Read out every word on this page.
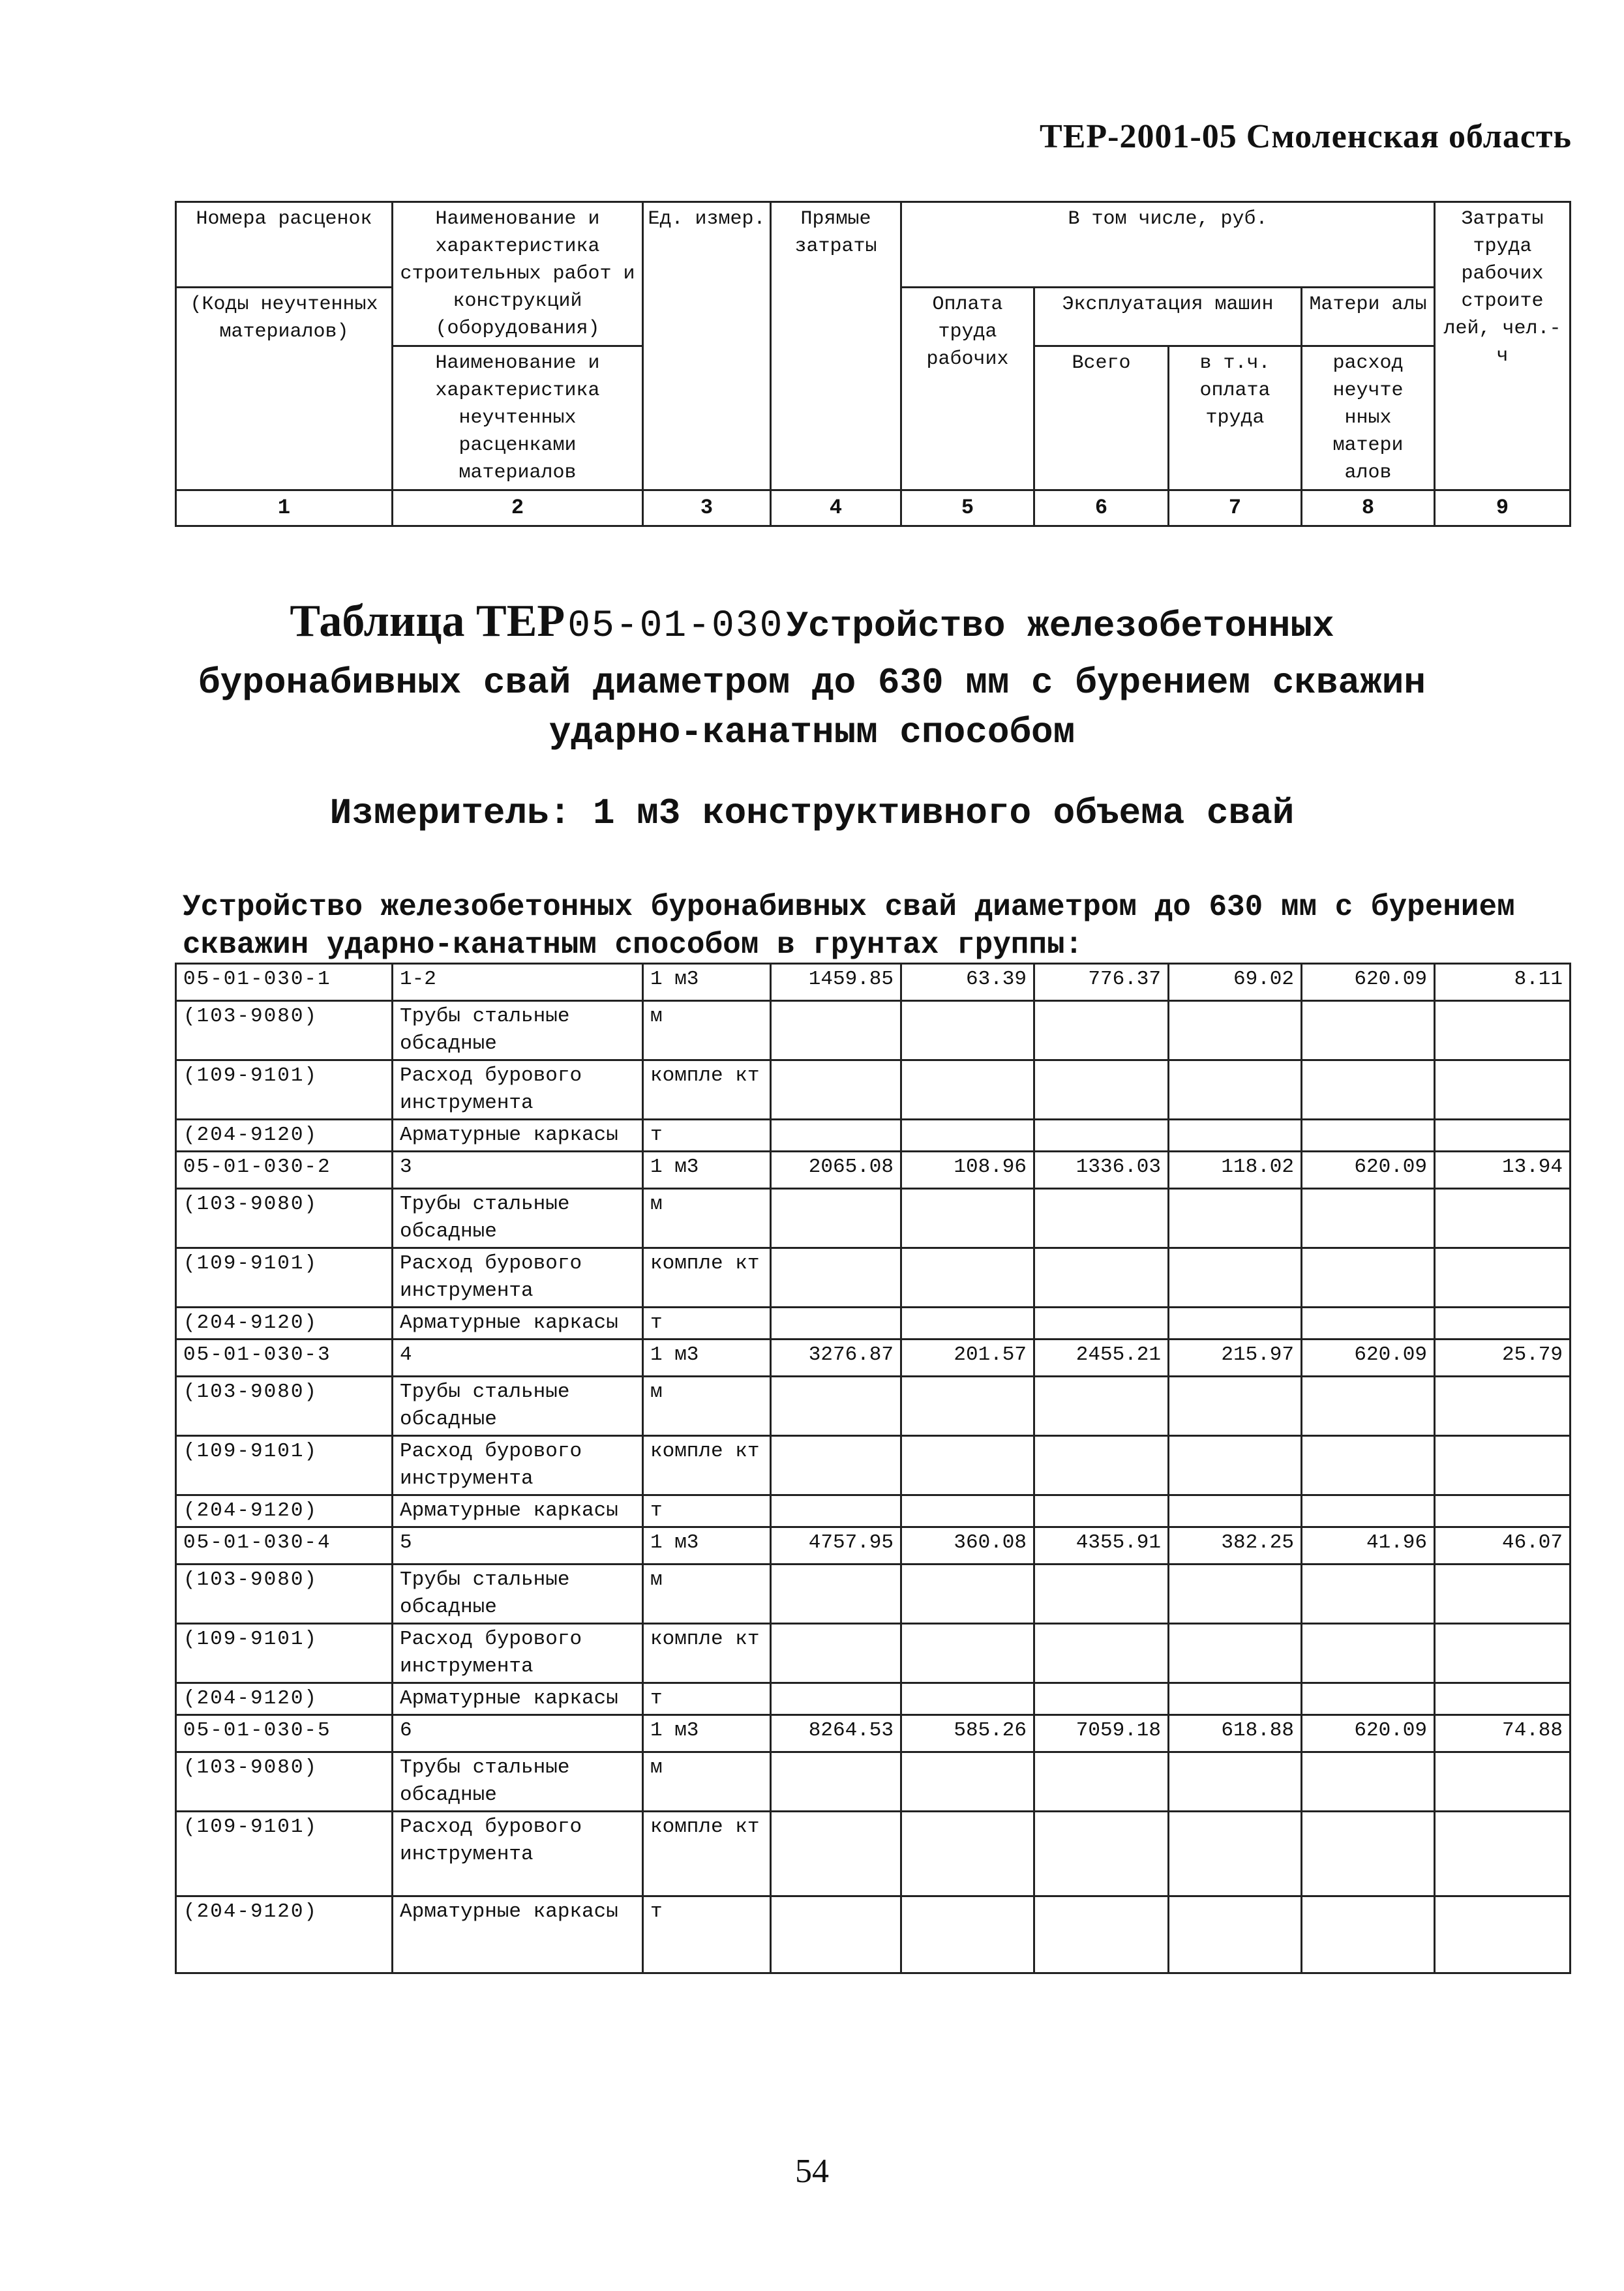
ТЕР-2001-05 Смоленская область
Номера расценок	Наименование и характеристика строительных работ и конструкций (оборудования)	Ед. измер.	Прямые затраты	В том числе, руб.				Затраты труда рабочих строите лей, чел.-ч
(Коды неучтенных материалов)				Оплата труда рабочих	Эксплуатация машин		Матери алы	
	Наименование и характеристика неучтенных расценками материалов				Всего	в т.ч. оплата труда	расход неучте нных матери алов	
1	2	3	4	5	6	7	8	9
Таблица ТЕР 05-01-030 Устройство железобетонных
буронабивных свай диаметром до 630 мм с бурением скважин
ударно-канатным способом
Измеритель: 1 м3 конструктивного объема свай
Устройство железобетонных буронабивных свай диаметром до 630 мм с бурением скважин ударно-канатным способом в грунтах группы:
05-01-030-1	1-2	1 м3	1459.85	63.39	776.37	69.02	620.09	8.11
(103-9080)	Трубы стальные обсадные	м						
(109-9101)	Расход бурового инструмента	компле кт						
(204-9120)	Арматурные каркасы	т						
05-01-030-2	3	1 м3	2065.08	108.96	1336.03	118.02	620.09	13.94
(103-9080)	Трубы стальные обсадные	м						
(109-9101)	Расход бурового инструмента	компле кт						
(204-9120)	Арматурные каркасы	т						
05-01-030-3	4	1 м3	3276.87	201.57	2455.21	215.97	620.09	25.79
(103-9080)	Трубы стальные обсадные	м						
(109-9101)	Расход бурового инструмента	компле кт						
(204-9120)	Арматурные каркасы	т						
05-01-030-4	5	1 м3	4757.95	360.08	4355.91	382.25	41.96	46.07
(103-9080)	Трубы стальные обсадные	м						
(109-9101)	Расход бурового инструмента	компле кт						
(204-9120)	Арматурные каркасы	т						
05-01-030-5	6	1 м3	8264.53	585.26	7059.18	618.88	620.09	74.88
(103-9080)	Трубы стальные обсадные	м						
(109-9101)	Расход бурового инструмента	компле кт						
(204-9120)	Арматурные каркасы	т						
54
